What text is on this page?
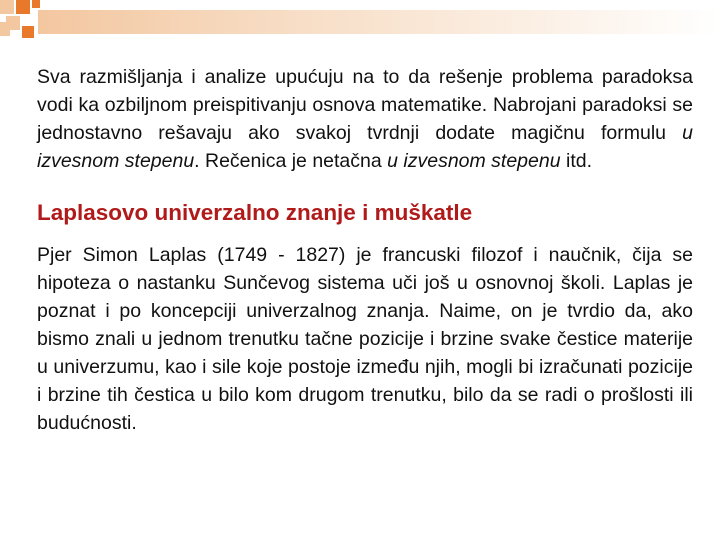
Sva razmišljanja i analize upućuju na to da rešenje problema paradoksa vodi ka ozbiljnom preispitivanju osnova matematike. Nabrojani paradoksi se jednostavno rešavaju ako svakoj tvrdnji dodate magičnu formulu u izvesnom stepenu. Rečenica je netačna u izvesnom stepenu itd.

Laplasovo univerzalno znanje i muškatle

Pjer Simon Laplas (1749 - 1827) je francuski filozof i naučnik, čija se hipoteza o nastanku Sunčevog sistema uči još u osnovnoj školi. Laplas je poznat i po koncepciji univerzalnog znanja. Naime, on je tvrdio da, ako bismo znali u jednom trenutku tačne pozicije i brzine svake čestice materije u univerzumu, kao i sile koje postoje između njih, mogli bi izračunati pozicije i brzine tih čestica u bilo kom drugom trenutku, bilo da se radi o prošlosti ili budućnosti.
